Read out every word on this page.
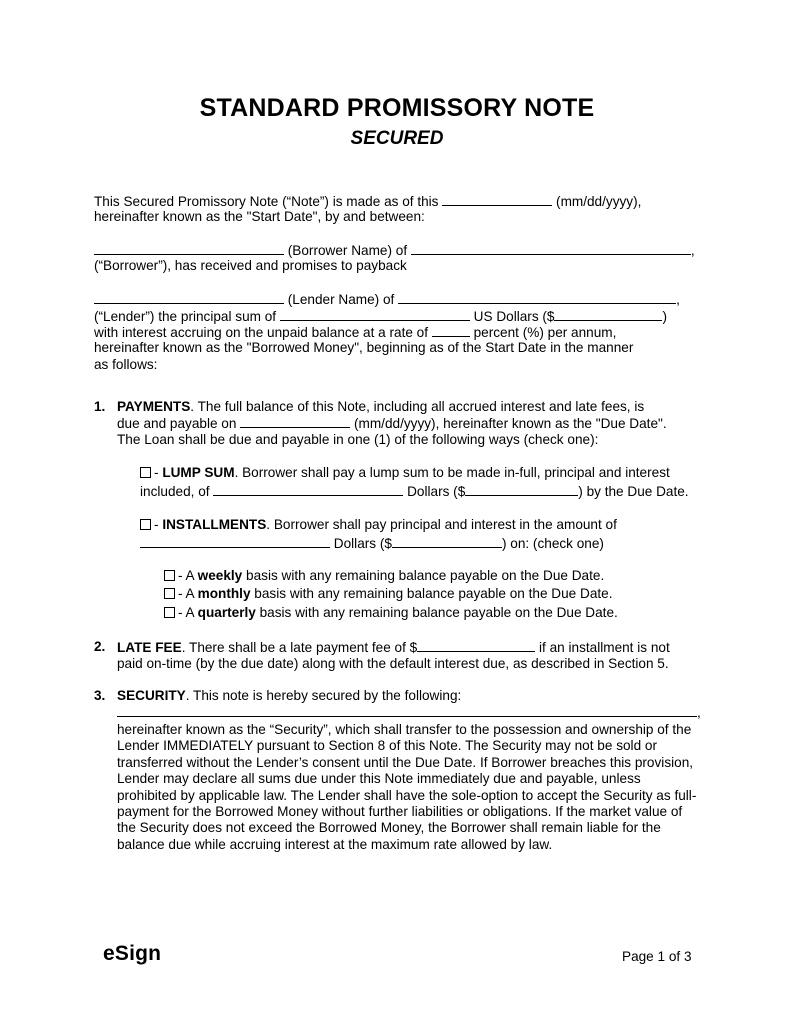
STANDARD PROMISSORY NOTE
SECURED
This Secured Promissory Note (“Note”) is made as of this	(mm/dd/yyyy),
hereinafter known as the "Start Date", by and between:
(Borrower Name) of	,
(“Borrower”), has received and promises to payback
(Lender Name) of	,
(“Lender”) the principal sum of	US Dollars ($	)
with interest accruing on the unpaid balance at a rate of	percent (%) per annum,
hereinafter known as the "Borrowed Money", beginning as of the Start Date in the manner
as follows:
1. PAYMENTS. The full balance of this Note, including all accrued interest and late fees, is
due and payable on	(mm/dd/yyyy), hereinafter known as the "Due Date".
The Loan shall be due and payable in one (1) of the following ways (check one):
- LUMP SUM. Borrower shall pay a lump sum to be made in-full, principal and interest
included, of	Dollars ($	) by the Due Date.
- INSTALLMENTS. Borrower shall pay principal and interest in the amount of
Dollars ($	) on: (check one)
- A weekly basis with any remaining balance payable on the Due Date.
- A monthly basis with any remaining balance payable on the Due Date.
- A quarterly basis with any remaining balance payable on the Due Date.
2. LATE FEE. There shall be a late payment fee of $	if an installment is not
paid on-time (by the due date) along with the default interest due, as described in Section 5.
3. SECURITY. This note is hereby secured by the following:
,
hereinafter known as the “Security”, which shall transfer to the possession and ownership of the Lender IMMEDIATELY pursuant to Section 8 of this Note. The Security may not be sold or transferred without the Lender’s consent until the Due Date. If Borrower breaches this provision, Lender may declare all sums due under this Note immediately due and payable, unless prohibited by applicable law. The Lender shall have the sole-option to accept the Security as full-payment for the Borrowed Money without further liabilities or obligations. If the market value of the Security does not exceed the Borrowed Money, the Borrower shall remain liable for the balance due while accruing interest at the maximum rate allowed by law.
eSign	Page 1 of 3
